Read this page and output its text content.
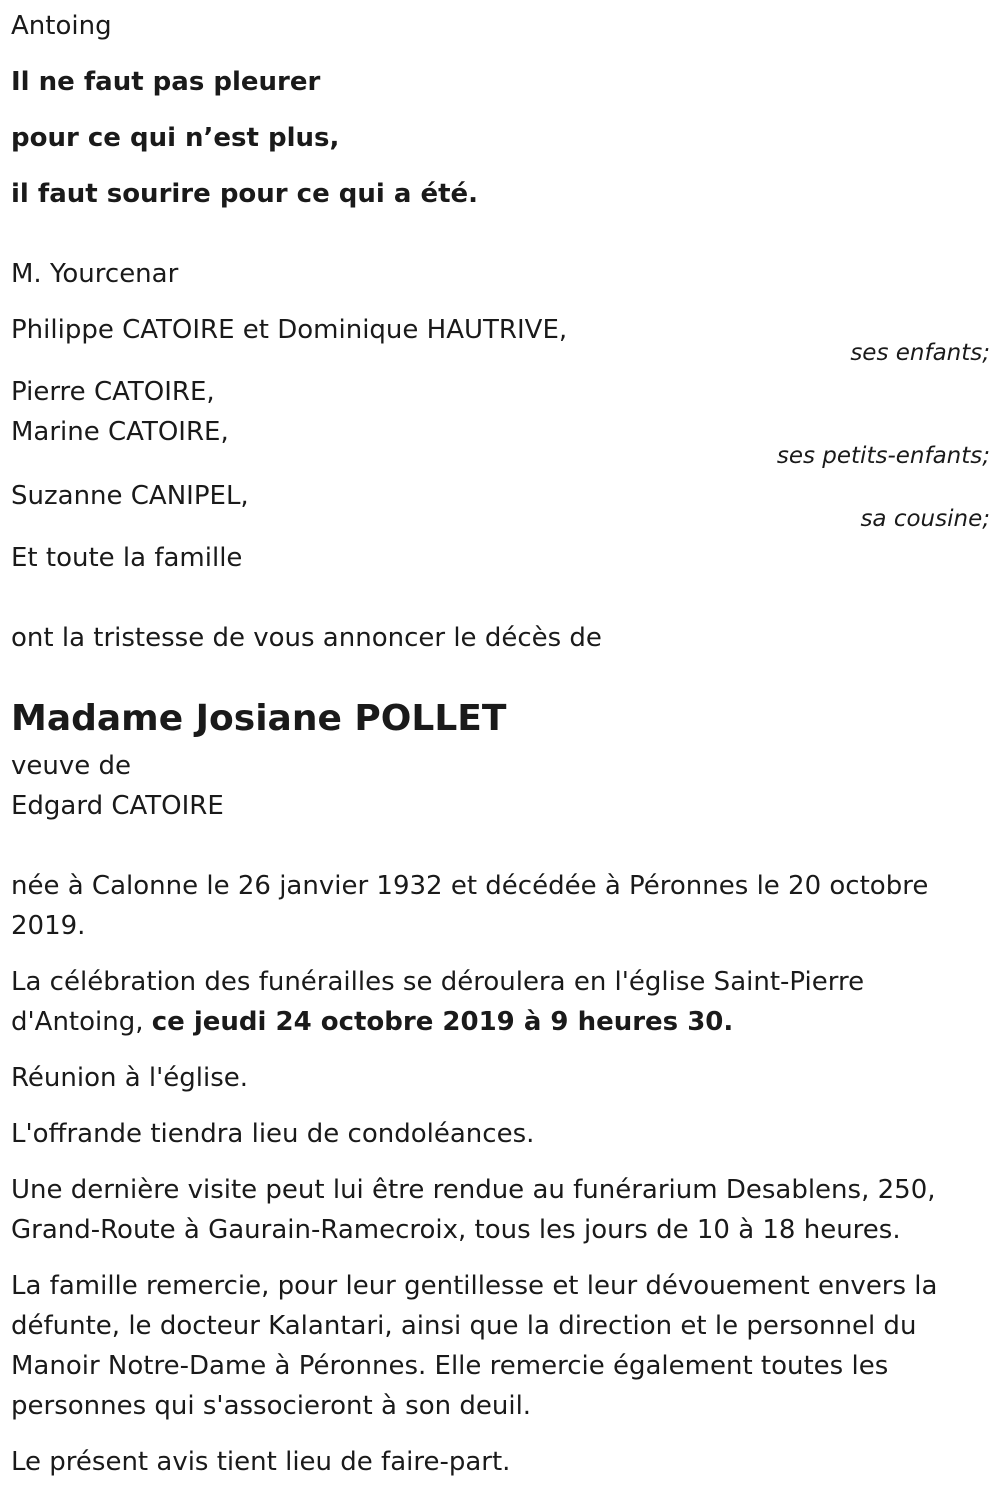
Antoing
Il ne faut pas pleurer
pour ce qui n’est plus,
il faut sourire pour ce qui a été.
M. Yourcenar
Philippe CATOIRE et Dominique HAUTRIVE,
ses enfants;
Pierre CATOIRE,
Marine CATOIRE,
ses petits-enfants;
Suzanne CANIPEL,
sa cousine;
Et toute la famille
ont la tristesse de vous annoncer le décès de
Madame Josiane POLLET
veuve de
Edgard CATOIRE
née à Calonne le 26 janvier 1932 et décédée à Péronnes le 20 octobre
2019.
La célébration des funérailles se déroulera en l'église Saint-Pierre
d'Antoing, ce jeudi 24 octobre 2019 à 9 heures 30.
Réunion à l'église.
L'offrande tiendra lieu de condoléances.
Une dernière visite peut lui être rendue au funérarium Desablens, 250,
Grand-Route à Gaurain-Ramecroix, tous les jours de 10 à 18 heures.
La famille remercie, pour leur gentillesse et leur dévouement envers la
défunte, le docteur Kalantari, ainsi que la direction et le personnel du
Manoir Notre-Dame à Péronnes. Elle remercie également toutes les
personnes qui s'associeront à son deuil.
Le présent avis tient lieu de faire-part.
